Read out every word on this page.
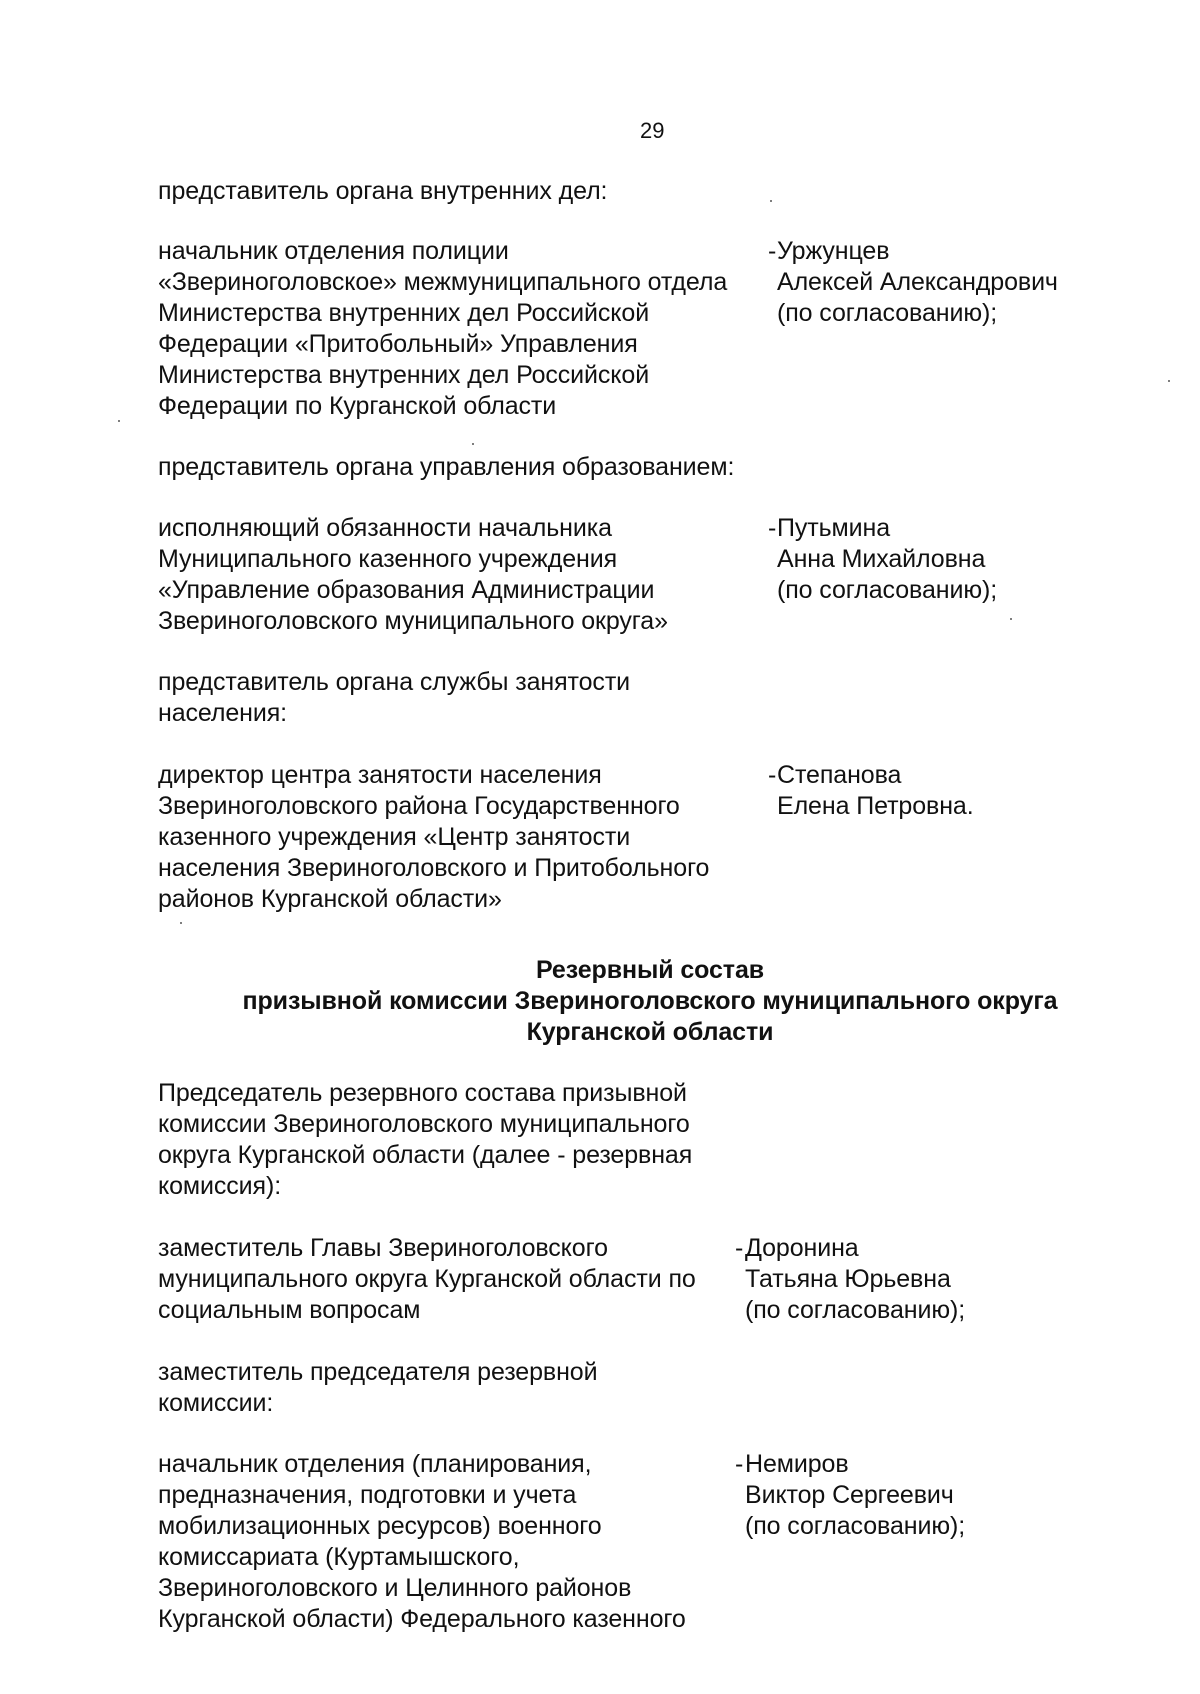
29
представитель органа внутренних дел:
начальник отделения полиции
«Звериноголовское» межмуниципального отдела
Министерства внутренних дел Российской
Федерации «Притобольный» Управления
Министерства внутренних дел Российской
Федерации по Курганской области
- Уржунцев
Алексей Александрович
(по согласованию);
представитель органа управления образованием:
исполняющий обязанности начальника
Муниципального казенного учреждения
«Управление образования Администрации
Звериноголовского муниципального округа»
- Путьмина
Анна Михайловна
(по согласованию);
представитель органа службы занятости
населения:
директор центра занятости населения
Звериноголовского района Государственного
казенного учреждения «Центр занятости
населения Звериноголовского и Притобольного
районов Курганской области»
- Степанова
Елена Петровна.
Резервный состав
призывной комиссии Звериноголовского муниципального округа
Курганской области
Председатель резервного состава призывной
комиссии Звериноголовского муниципального
округа Курганской области (далее - резервная
комиссия):
заместитель Главы Звериноголовского
муниципального округа Курганской области по
социальным вопросам
- Доронина
Татьяна Юрьевна
(по согласованию);
заместитель председателя резервной
комиссии:
начальник отделения (планирования,
предназначения, подготовки и учета
мобилизационных ресурсов) военного
комиссариата (Куртамышского,
Звериноголовского и Целинного районов
Курганской области) Федерального казенного
- Немиров
Виктор Сергеевич
(по согласованию);
